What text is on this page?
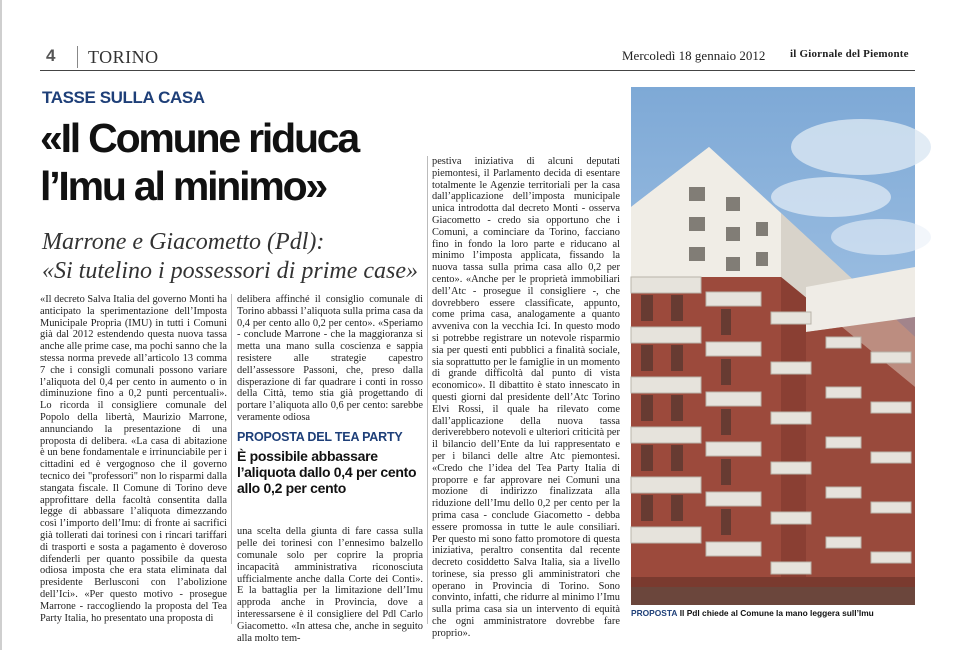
4 TORINO	Mercoledì 18 gennaio 2012 il Giornale del Piemonte
TASSE SULLA CASA
«Il Comune riduca
l’Imu al minimo»
Marrone e Giacometto (Pdl):
«Si tutelino i possessori di prime case»

«Il decreto Salva Italia del governo Monti ha anticipato la sperimentazione dell’Imposta Municipale Propria (IMU) in tutti i Comuni già dal 2012 estendendo questa nuova tassa anche alle prime case, ma pochi sanno che la stessa norma prevede all’articolo 13 comma 7 che i consigli comunali possono variare l’aliquota del 0,4 per cento in aumento o in diminuzione fino a 0,2 punti percentuali». Lo ricorda il consigliere comunale del Popolo della libertà, Maurizio Marrone, annunciando la presentazione di una proposta di delibera. «La casa di abitazione è un bene fondamentale e irrinunciabile per i cittadini ed è vergognoso che il governo tecnico dei "professori" non lo risparmi dalla stangata fiscale. Il Comune di Torino deve approfittare della facoltà consentita dalla legge di abbassare l’aliquota dimezzando così l’importo dell’Imu: di fronte ai sacrifici già tollerati dai torinesi con i rincari tariffari di trasporti e sosta a pagamento è doveroso difenderli per quanto possibile da questa odiosa imposta che era stata eliminata dal presidente Berlusconi con l’abolizione dell’Ici». «Per questo motivo - prosegue Marrone - raccogliendo la proposta del Tea Party Italia, ho presentato una proposta di

delibera affinché il consiglio comunale di Torino abbassi l’aliquota sulla prima casa da 0,4 per cento allo 0,2 per cento». «Speriamo - conclude Marrone - che la maggioranza si metta una mano sulla coscienza e sappia resistere alle strategie capestro dell’assessore Passoni, che, preso dalla disperazione di far quadrare i conti in rosso della Città, temo stia già progettando di portare l’aliquota allo 0,6 per cento: sarebbe veramente odiosa

PROPOSTA DEL TEA PARTY
È possibile abbassare l’aliquota dallo 0,4 per cento allo 0,2 per cento

una scelta della giunta di fare cassa sulla pelle dei torinesi con l’ennesimo balzello comunale solo per coprire la propria incapacità amministrativa riconosciuta ufficialmente anche dalla Corte dei Conti». E la battaglia per la limitazione dell’Imu approda anche in Provincia, dove a interessarsene è il consigliere del Pdl Carlo Giacometto. «In attesa che, anche in seguito alla molto tem-

pestiva iniziativa di alcuni deputati piemontesi, il Parlamento decida di esentare totalmente le Agenzie territoriali per la casa dall’applicazione dell’imposta municipale unica introdotta dal decreto Monti - osserva Giacometto - credo sia opportuno che i Comuni, a cominciare da Torino, facciano fino in fondo la loro parte e riducano al minimo l’imposta applicata, fissando la nuova tassa sulla prima casa allo 0,2 per cento». «Anche per le proprietà immobiliari dell’Atc - prosegue il consigliere -, che dovrebbero essere classificate, appunto, come prima casa, analogamente a quanto avveniva con la vecchia Ici. In questo modo si potrebbe registrare un notevole risparmio sia per questi enti pubblici a finalità sociale, sia soprattutto per le famiglie in un momento di grande difficoltà dal punto di vista economico». Il dibattito è stato innescato in questi giorni dal presidente dell’Atc Torino Elvi Rossi, il quale ha rilevato come dall’applicazione della nuova tassa deriverebbero notevoli e ulteriori criticità per il bilancio dell’Ente da lui rappresentato e per i bilanci delle altre Atc piemontesi. «Credo che l’idea del Tea Party Italia di proporre e far approvare nei Comuni una mozione di indirizzo finalizzata alla riduzione dell’Imu dello 0,2 per cento per la prima casa - conclude Giacometto - debba essere promossa in tutte le aule consiliari. Per questo mi sono fatto promotore di questa iniziativa, peraltro consentita dal recente decreto cosiddetto Salva Italia, sia a livello torinese, sia presso gli amministratori che operano in Provincia di Torino. Sono convinto, infatti, che ridurre al minimo l’Imu sulla prima casa sia un intervento di equità che ogni amministratore dovrebbe fare proprio».

PROPOSTA Il Pdl chiede al Comune la mano leggera sull’Imu
